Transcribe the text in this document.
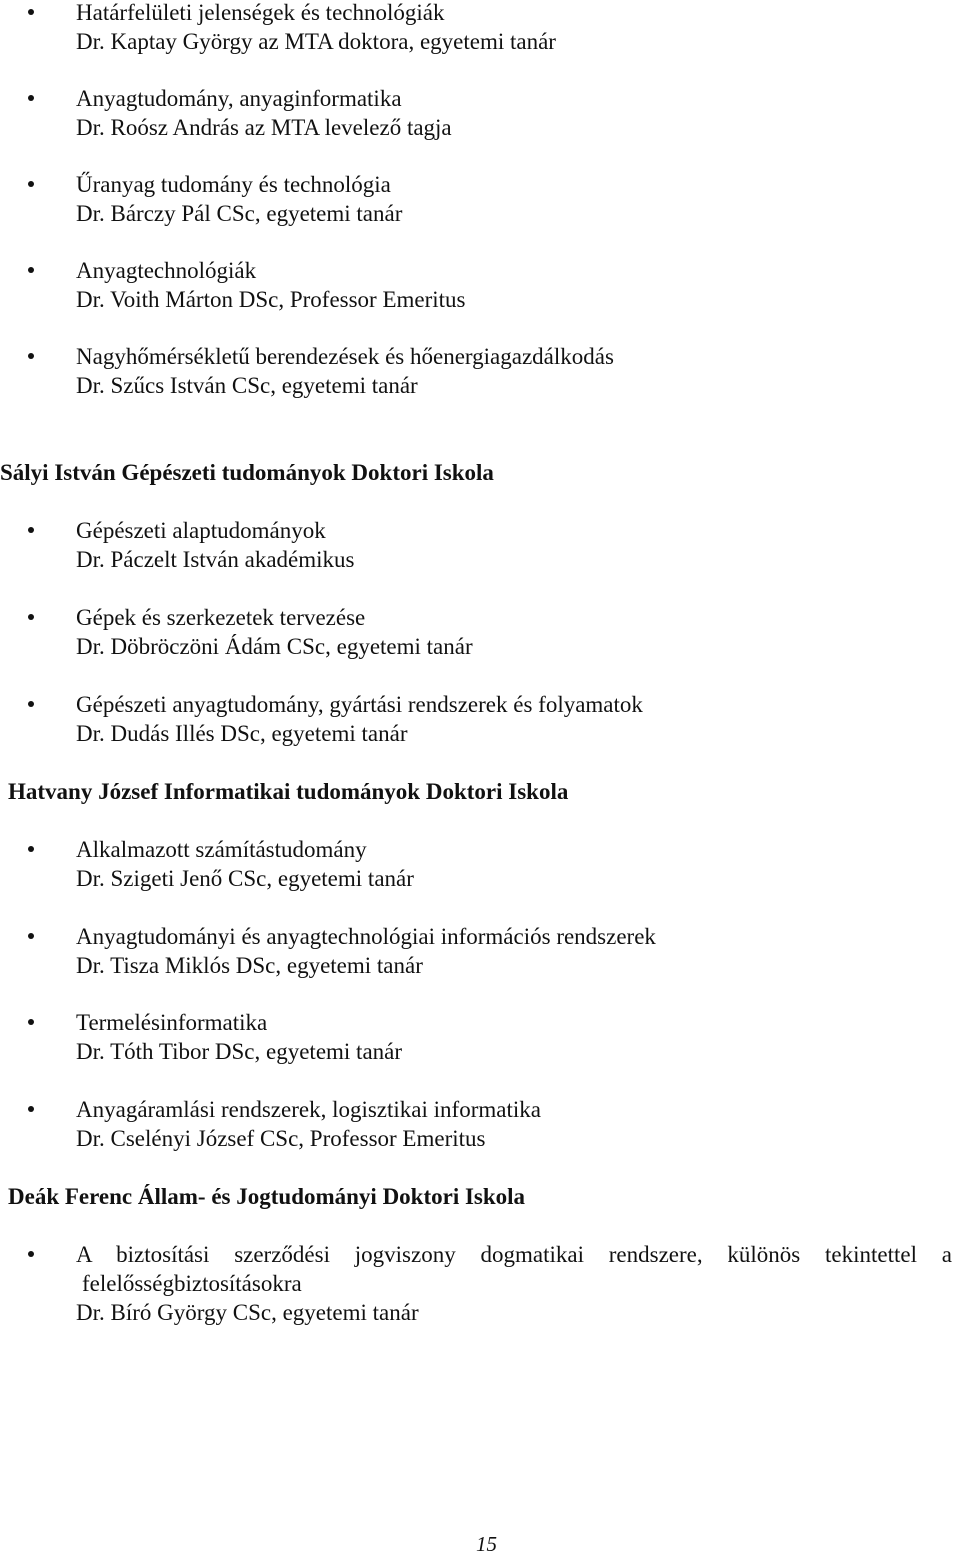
Határfelületi jelenségek és technológiák
Dr. Kaptay György az MTA doktora, egyetemi tanár
Anyagtudomány, anyaginformatika
Dr. Roósz András az MTA levelező tagja
Űranyag tudomány és technológia
Dr. Bárczy Pál CSc, egyetemi tanár
Anyagtechnológiák
Dr. Voith Márton DSc, Professor Emeritus
Nagyhőmérsékletű berendezések és hőenergiagazdálkodás
Dr. Szűcs István CSc, egyetemi tanár
Sályi István Gépészeti tudományok Doktori Iskola
Gépészeti alaptudományok
Dr. Páczelt István akadémikus
Gépek és szerkezetek tervezése
Dr. Döbröczöni Ádám CSc, egyetemi tanár
Gépészeti anyagtudomány, gyártási rendszerek és folyamatok
Dr. Dudás Illés DSc, egyetemi tanár
Hatvany József Informatikai tudományok Doktori Iskola
Alkalmazott számítástudomány
Dr. Szigeti Jenő CSc, egyetemi tanár
Anyagtudományi és anyagtechnológiai információs rendszerek
Dr. Tisza Miklós DSc, egyetemi tanár
Termelésinformatika
Dr. Tóth Tibor DSc, egyetemi tanár
Anyagáramlási rendszerek, logisztikai informatika
Dr. Cselényi József CSc, Professor Emeritus
Deák Ferenc Állam- és Jogtudományi Doktori Iskola
A biztosítási szerződési jogviszony dogmatikai rendszere, különös tekintettel a
felelősségbiztosításokra
Dr. Bíró György CSc, egyetemi tanár
15
